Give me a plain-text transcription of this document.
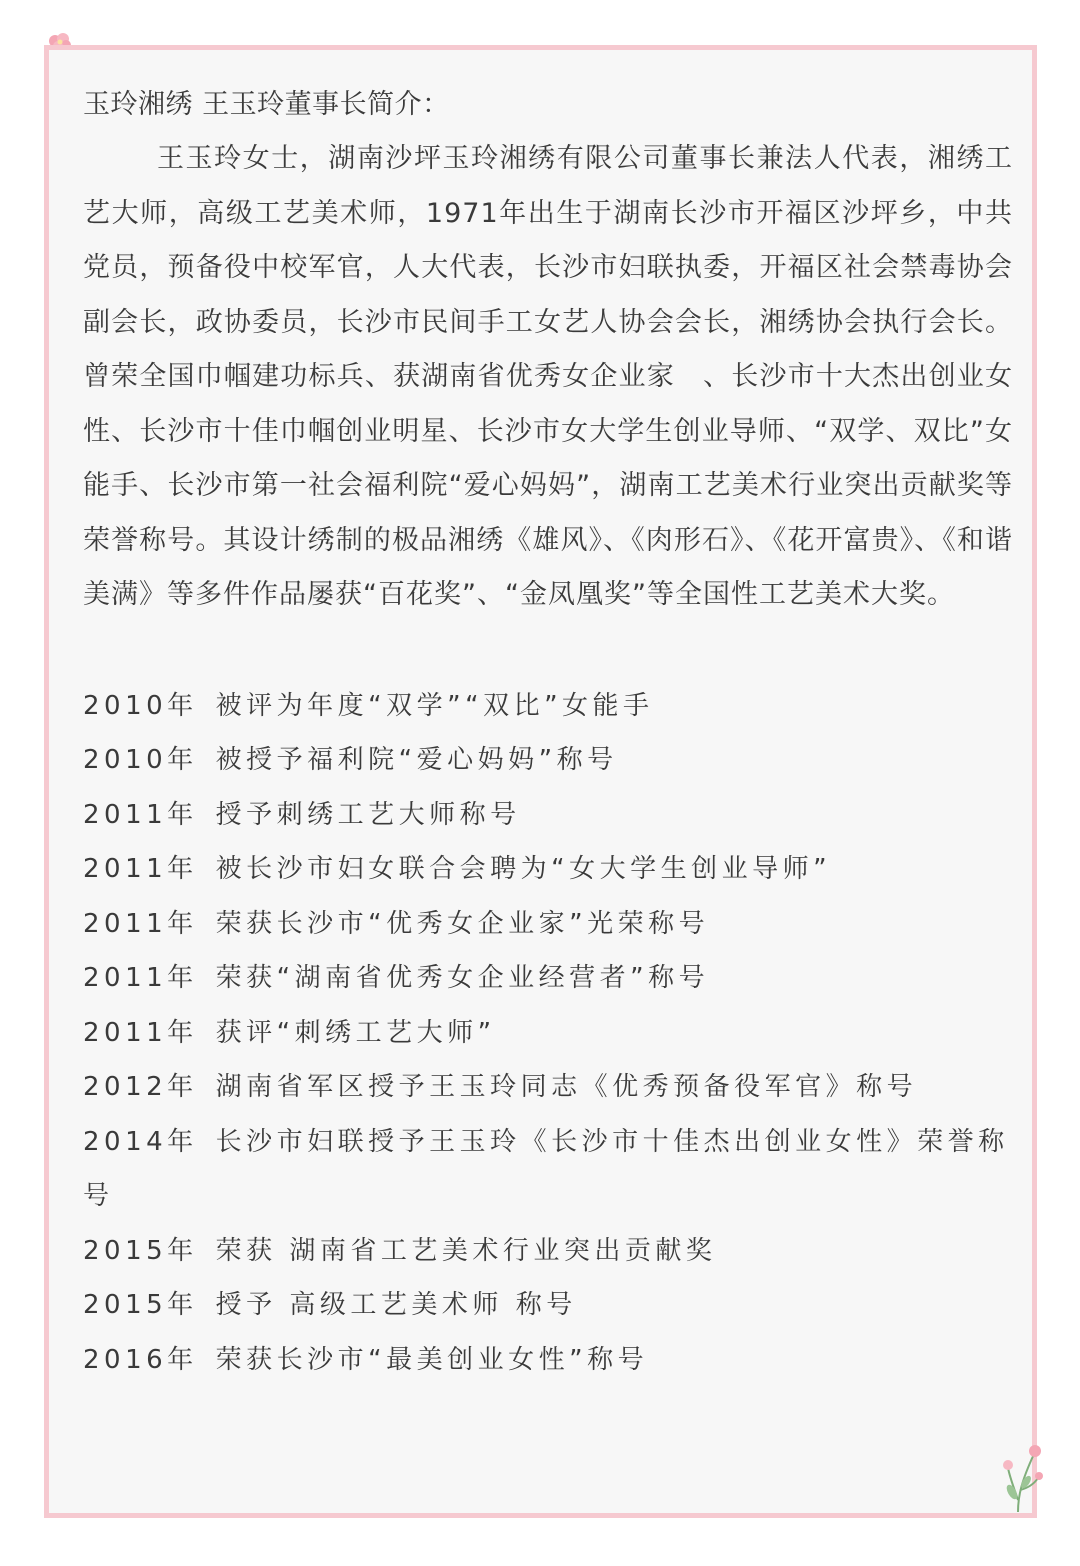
玉玲湘绣 王玉玲董事长简介：

王玉玲女士，湖南沙坪玉玲湘绣有限公司董事长兼法人代表，湘绣工艺大师，高级工艺美术师，1971年出生于湖南长沙市开福区沙坪乡，中共党员，预备役中校军官，人大代表，长沙市妇联执委，开福区社会禁毒协会副会长，政协委员，长沙市民间手工女艺人协会会长，湘绣协会执行会长。曾荣全国巾帼建功标兵、获湖南省优秀女企业家　、长沙市十大杰出创业女性、长沙市十佳巾帼创业明星、长沙市女大学生创业导师、“双学、双比”女能手、长沙市第一社会福利院“爱心妈妈”，湖南工艺美术行业突出贡献奖等荣誉称号。其设计绣制的极品湘绣《雄风》、《肉形石》、《花开富贵》、《和谐美满》等多件作品屡获“百花奖”、“金凤凰奖”等全国性工艺美术大奖。

2010年 被评为年度“双学”“双比”女能手
2010年 被授予福利院“爱心妈妈”称号
2011年 授予刺绣工艺大师称号
2011年 被长沙市妇女联合会聘为“女大学生创业导师”
2011年 荣获长沙市“优秀女企业家”光荣称号
2011年 荣获“湖南省优秀女企业经营者”称号
2011年 获评“刺绣工艺大师”
2012年 湖南省军区授予王玉玲同志《优秀预备役军官》称号
2014年 长沙市妇联授予王玉玲《长沙市十佳杰出创业女性》荣誉称号
2015年 荣获 湖南省工艺美术行业突出贡献奖
2015年 授予 高级工艺美术师 称号
2016年 荣获长沙市“最美创业女性”称号
